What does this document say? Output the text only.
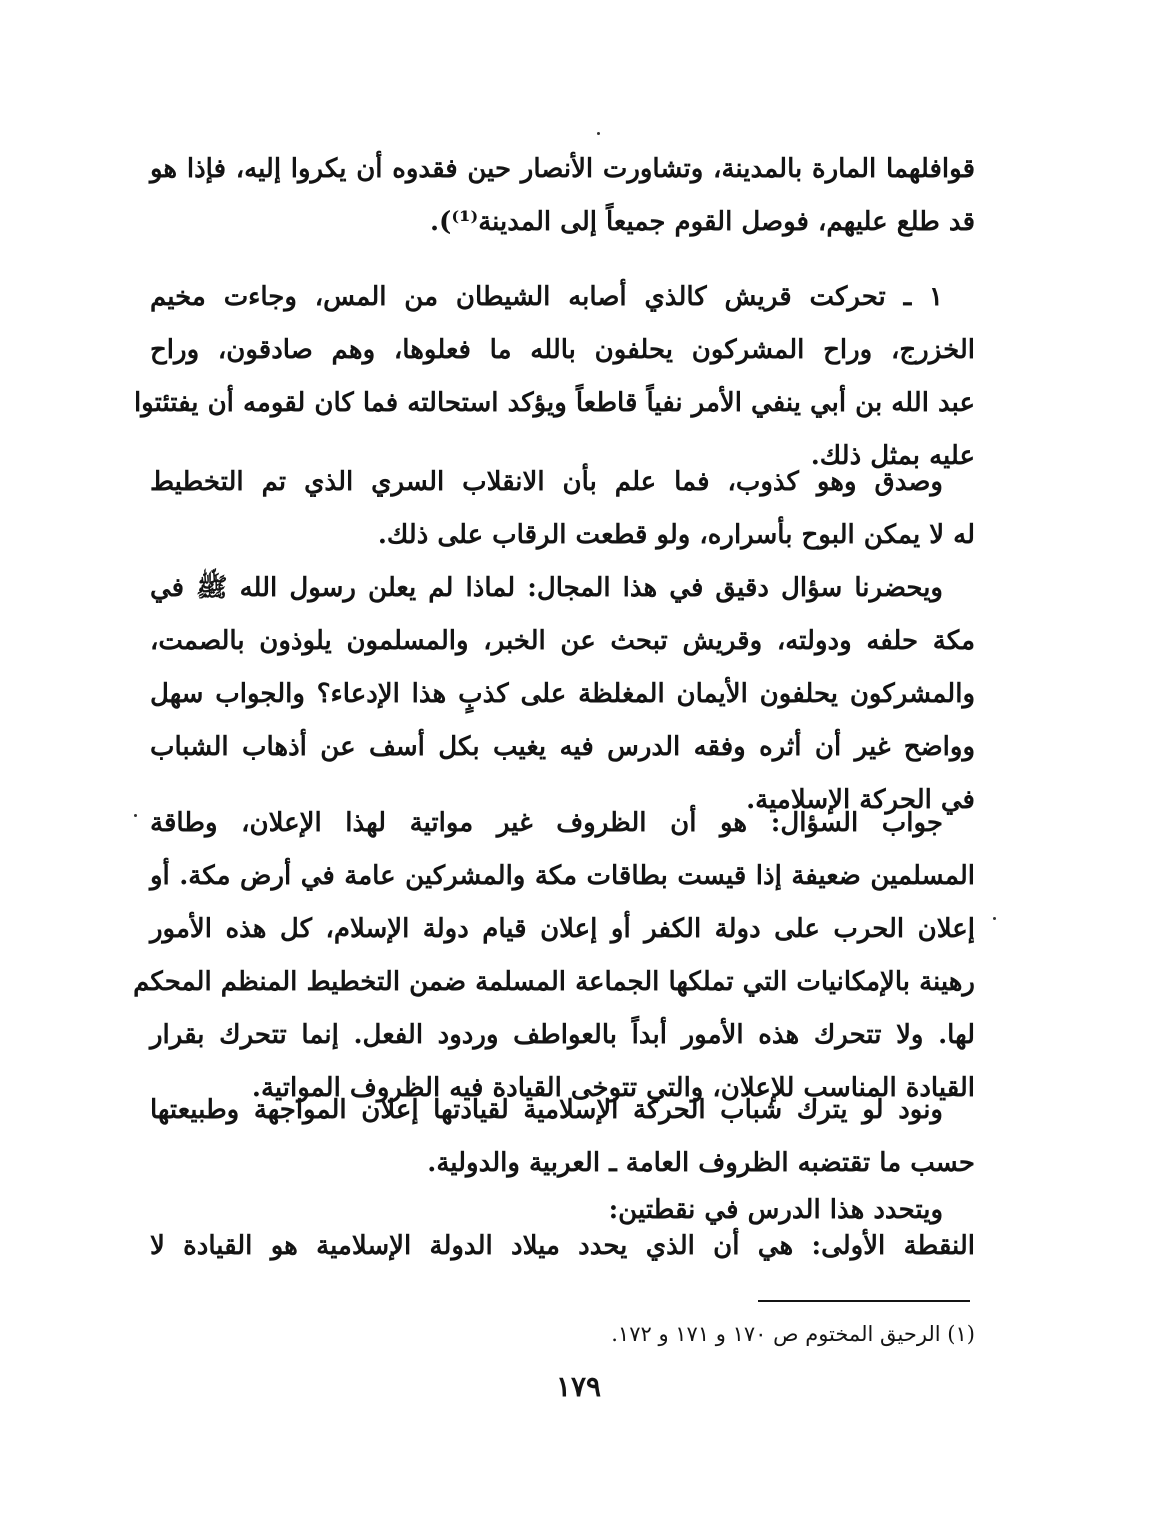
قوافلهما المارة بالمدينة، وتشاورت الأنصار حين فقدوه أن يكروا إليه، فإذا هو
قد طلع عليهم، فوصل القوم جميعاً إلى المدينة⁽¹⁾).
١ ـ تحركت قريش كالذي أصابه الشيطان من المس، وجاءت مخيم
الخزرج، وراح المشركون يحلفون بالله ما فعلوها، وهم صادقون، وراح
عبد الله بن أبي ينفي الأمر نفياً قاطعاً ويؤكد استحالته فما كان لقومه أن يفتئتوا
عليه بمثل ذلك.
وصدق وهو كذوب، فما علم بأن الانقلاب السري الذي تم التخطيط
له لا يمكن البوح بأسراره، ولو قطعت الرقاب على ذلك.
ويحضرنا سؤال دقيق في هذا المجال: لماذا لم يعلن رسول الله ﷺ في
مكة حلفه ودولته، وقريش تبحث عن الخبر، والمسلمون يلوذون بالصمت،
والمشركون يحلفون الأيمان المغلظة على كذبٍ هذا الإدعاء؟ والجواب سهل
وواضح غير أن أثره وفقه الدرس فيه يغيب بكل أسف عن أذهاب الشباب
في الحركة الإسلامية.
جواب السؤال: هو أن الظروف غير مواتية لهذا الإعلان، وطاقة
المسلمين ضعيفة إذا قيست بطاقات مكة والمشركين عامة في أرض مكة. أو
إعلان الحرب على دولة الكفر أو إعلان قيام دولة الإسلام، كل هذه الأمور
رهينة بالإمكانيات التي تملكها الجماعة المسلمة ضمن التخطيط المنظم المحكم
لها. ولا تتحرك هذه الأمور أبداً بالعواطف وردود الفعل. إنما تتحرك بقرار
القيادة المناسب للإعلان، والتي تتوخى القيادة فيه الظروف المواتية.
ونود لو يترك شباب الحركة الإسلامية لقيادتها إعلان المواجهة وطبيعتها
حسب ما تقتضبه الظروف العامة ـ العربية والدولية.
ويتحدد هذا الدرس في نقطتين:
النقطة الأولى: هي أن الذي يحدد ميلاد الدولة الإسلامية هو القيادة لا
(١) الرحيق المختوم ص ١٧٠ و ١٧١ و ١٧٢.
١٧٩
